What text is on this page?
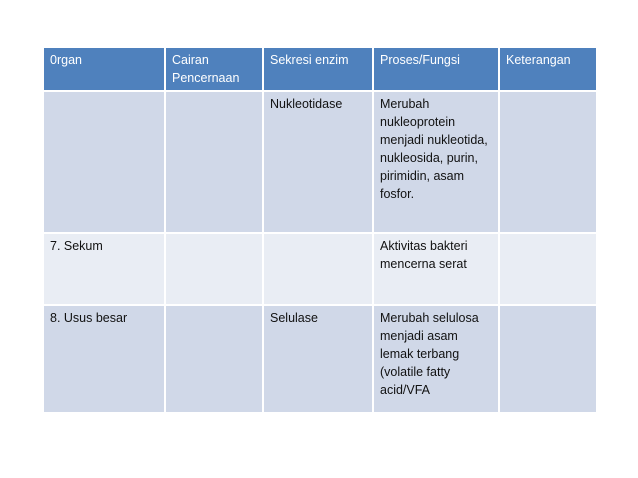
0rgan	Cairan Pencernaan	Sekresi enzim	Proses/Fungsi	Keterangan
		Nukleotidase	Merubah nukleoprotein menjadi nukleotida, nukleosida, purin, pirimidin, asam fosfor.	
7. Sekum			Aktivitas bakteri mencerna serat	
8. Usus besar		Selulase	Merubah selulosa menjadi asam lemak terbang (volatile fatty acid/VFA	
